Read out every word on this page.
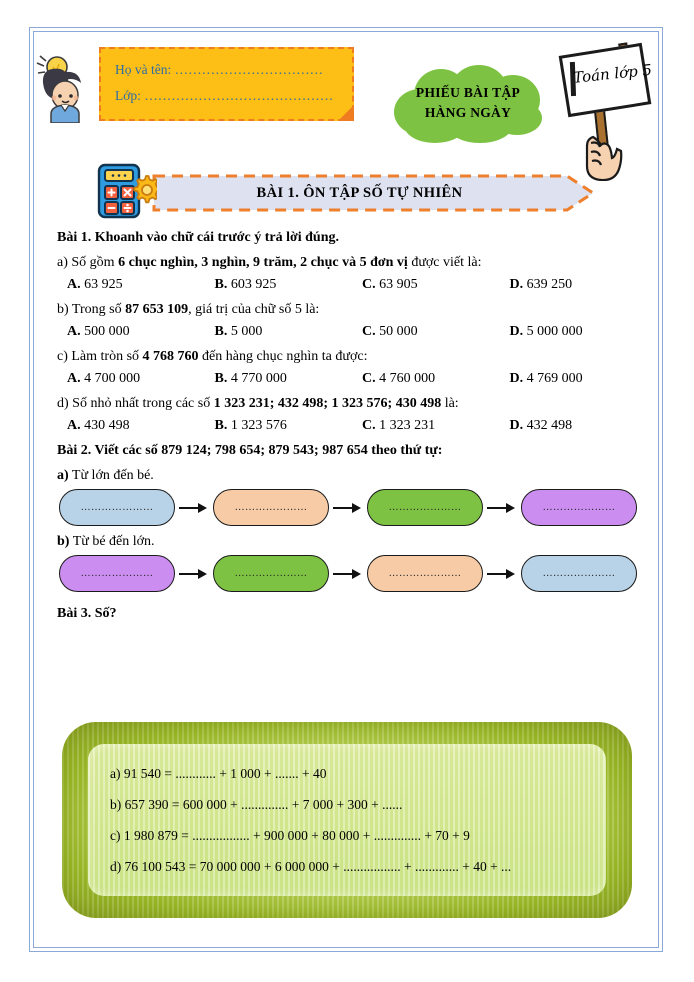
Họ và tên: ……………………………
Lớp: ……………………………………	PHIẾU BÀI TẬP
HÀNG NGÀY
Toán lớp 5
BÀI 1. ÔN TẬP SỐ TỰ NHIÊN
Bài 1. Khoanh vào chữ cái trước ý trả lời đúng.
a) Số gồm 6 chục nghìn, 3 nghìn, 9 trăm, 2 chục và 5 đơn vị được viết là:
A. 63 925	B. 603 925	C. 63 905	D. 639 250
b) Trong số 87 653 109, giá trị của chữ số 5 là:
A. 500 000	B. 5 000	C. 50 000	D. 5 000 000
c) Làm tròn số 4 768 760 đến hàng chục nghìn ta được:
A. 4 700 000	B. 4 770 000	C. 4 760 000	D. 4 769 000
d) Số nhỏ nhất trong các số 1 323 231; 432 498; 1 323 576; 430 498 là:
A. 430 498	B. 1 323 576	C. 1 323 231	D. 432 498
Bài 2. Viết các số 879 124; 798 654; 879 543; 987 654 theo thứ tự:
a) Từ lớn đến bé.
…………………	…………………	…………………	…………………
b) Từ bé đến lớn.
…………………	…………………	…………………	…………………
Bài 3. Số?
a) 91 540 = ............ + 1 000 + ....... + 40
b) 657 390 = 600 000 + .............. + 7 000 + 300 + ......
c) 1 980 879 = ................. + 900 000 + 80 000 + .............. + 70 + 9
d) 76 100 543 = 70 000 000 + 6 000 000 + ................. + ............. + 40 + ...
